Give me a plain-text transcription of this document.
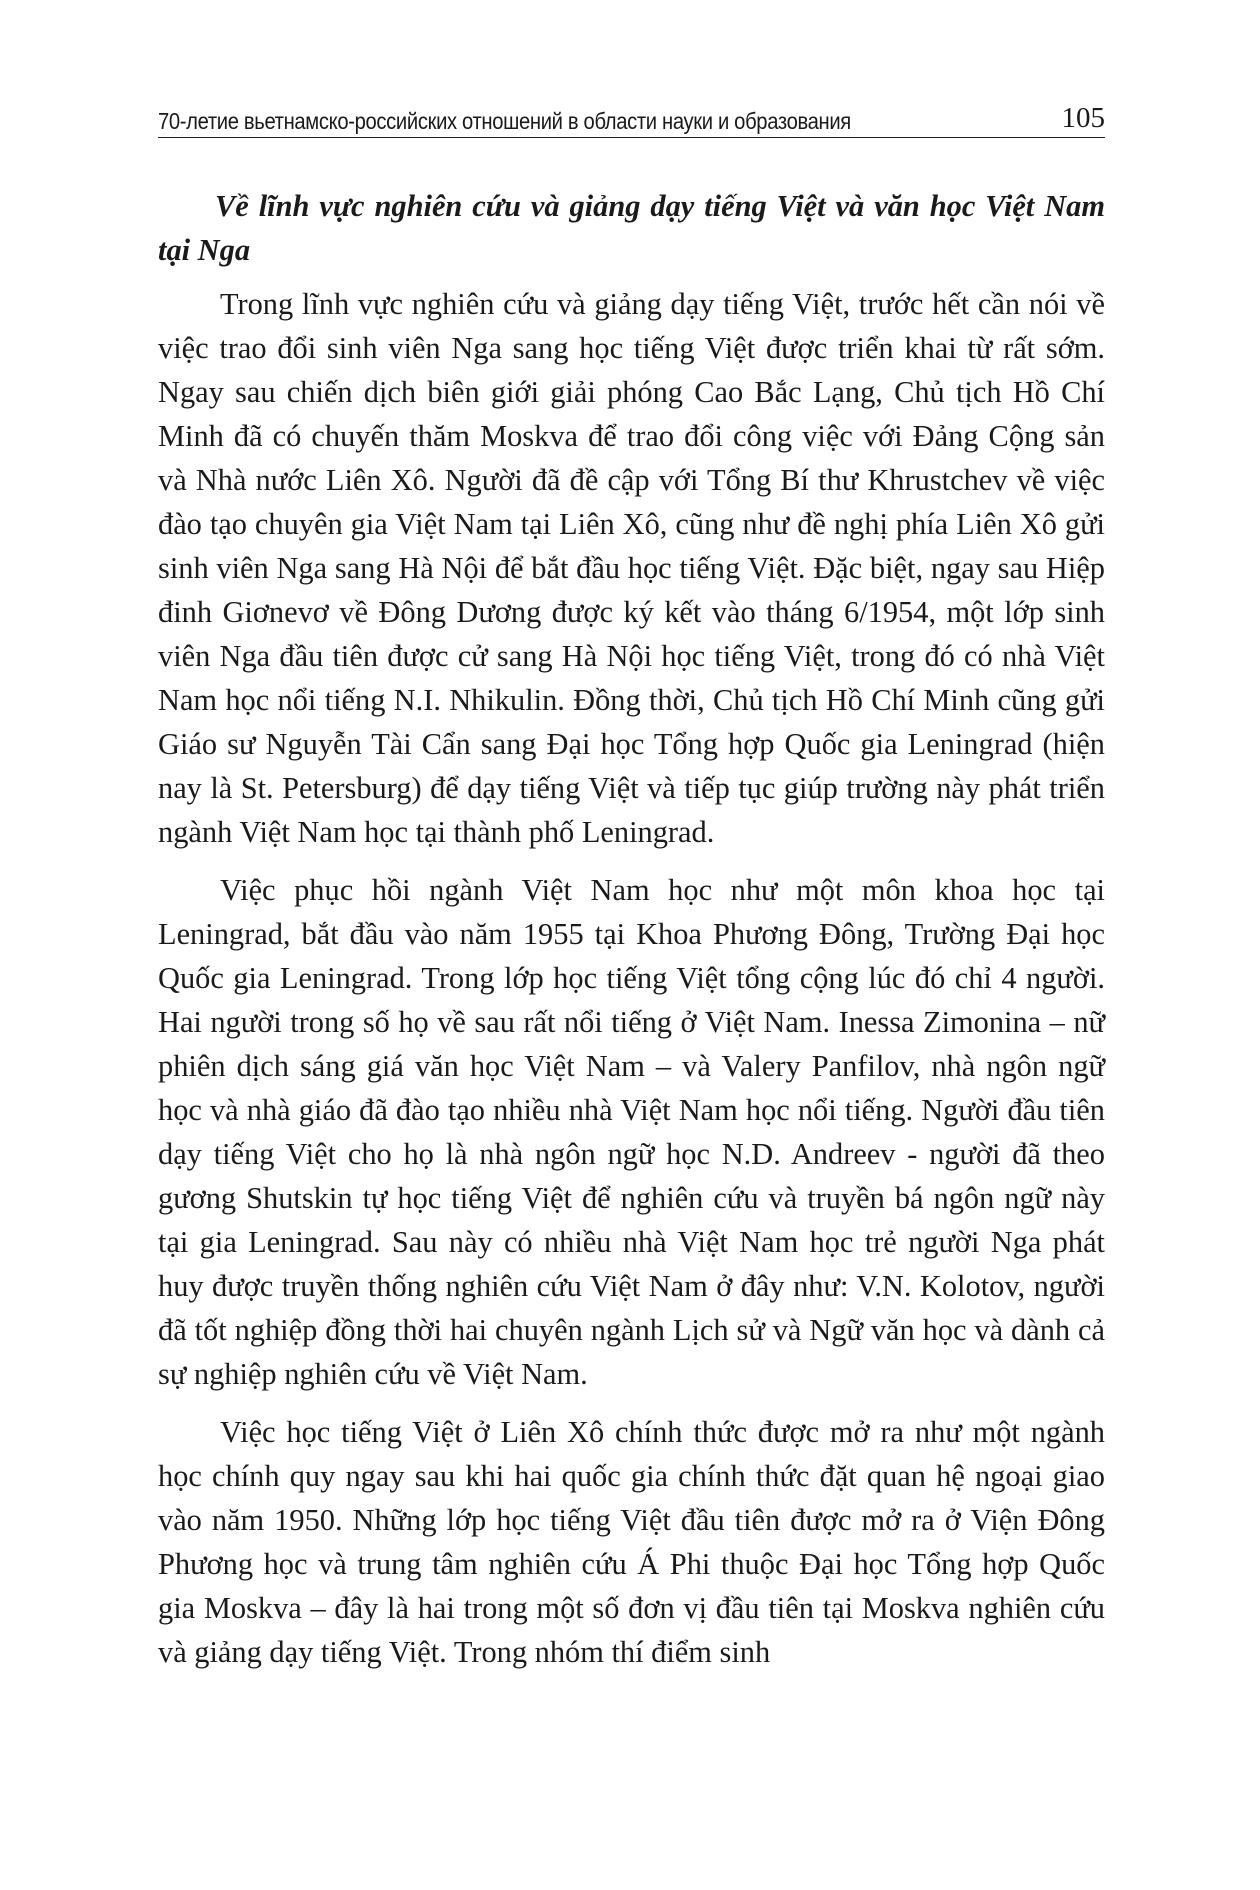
70-летие вьетнамско-российских отношений в области науки и образования	105
Về lĩnh vực nghiên cứu và giảng dạy tiếng Việt và văn học Việt Nam tại Nga

Trong lĩnh vực nghiên cứu và giảng dạy tiếng Việt, trước hết cần nói về việc trao đổi sinh viên Nga sang học tiếng Việt được triển khai từ rất sớm. Ngay sau chiến dịch biên giới giải phóng Cao Bắc Lạng, Chủ tịch Hồ Chí Minh đã có chuyến thăm Moskva để trao đổi công việc với Đảng Cộng sản và Nhà nước Liên Xô. Người đã đề cập với Tổng Bí thư Khrustchev về việc đào tạo chuyên gia Việt Nam tại Liên Xô, cũng như đề nghị phía Liên Xô gửi sinh viên Nga sang Hà Nội để bắt đầu học tiếng Việt. Đặc biệt, ngay sau Hiệp đinh Giơnevơ về Đông Dương được ký kết vào tháng 6/1954, một lớp sinh viên Nga đầu tiên được cử sang Hà Nội học tiếng Việt, trong đó có nhà Việt Nam học nổi tiếng N.I. Nhikulin. Đồng thời, Chủ tịch Hồ Chí Minh cũng gửi Giáo sư Nguyễn Tài Cẩn sang Đại học Tổng hợp Quốc gia Leningrad (hiện nay là St. Petersburg) để dạy tiếng Việt và tiếp tục giúp trường này phát triển ngành Việt Nam học tại thành phố Leningrad.

Việc phục hồi ngành Việt Nam học như một môn khoa học tại Leningrad, bắt đầu vào năm 1955 tại Khoa Phương Đông, Trường Đại học Quốc gia Leningrad. Trong lớp học tiếng Việt tổng cộng lúc đó chỉ 4 người. Hai người trong số họ về sau rất nổi tiếng ở Việt Nam. Inessa Zimonina – nữ phiên dịch sáng giá văn học Việt Nam – và Valery Panfilov, nhà ngôn ngữ học và nhà giáo đã đào tạo nhiều nhà Việt Nam học nổi tiếng. Người đầu tiên dạy tiếng Việt cho họ là nhà ngôn ngữ học N.D. Andreev - người đã theo gương Shutskin tự học tiếng Việt để nghiên cứu và truyền bá ngôn ngữ này tại gia Leningrad. Sau này có nhiều nhà Việt Nam học trẻ người Nga phát huy được truyền thống nghiên cứu Việt Nam ở đây như: V.N. Kolotov, người đã tốt nghiệp đồng thời hai chuyên ngành Lịch sử và Ngữ văn học và dành cả sự nghiệp nghiên cứu về Việt Nam.

Việc học tiếng Việt ở Liên Xô chính thức được mở ra như một ngành học chính quy ngay sau khi hai quốc gia chính thức đặt quan hệ ngoại giao vào năm 1950. Những lớp học tiếng Việt đầu tiên được mở ra ở Viện Đông Phương học và trung tâm nghiên cứu Á Phi thuộc Đại học Tổng hợp Quốc gia Moskva – đây là hai trong một số đơn vị đầu tiên tại Moskva nghiên cứu và giảng dạy tiếng Việt. Trong nhóm thí điểm sinh
